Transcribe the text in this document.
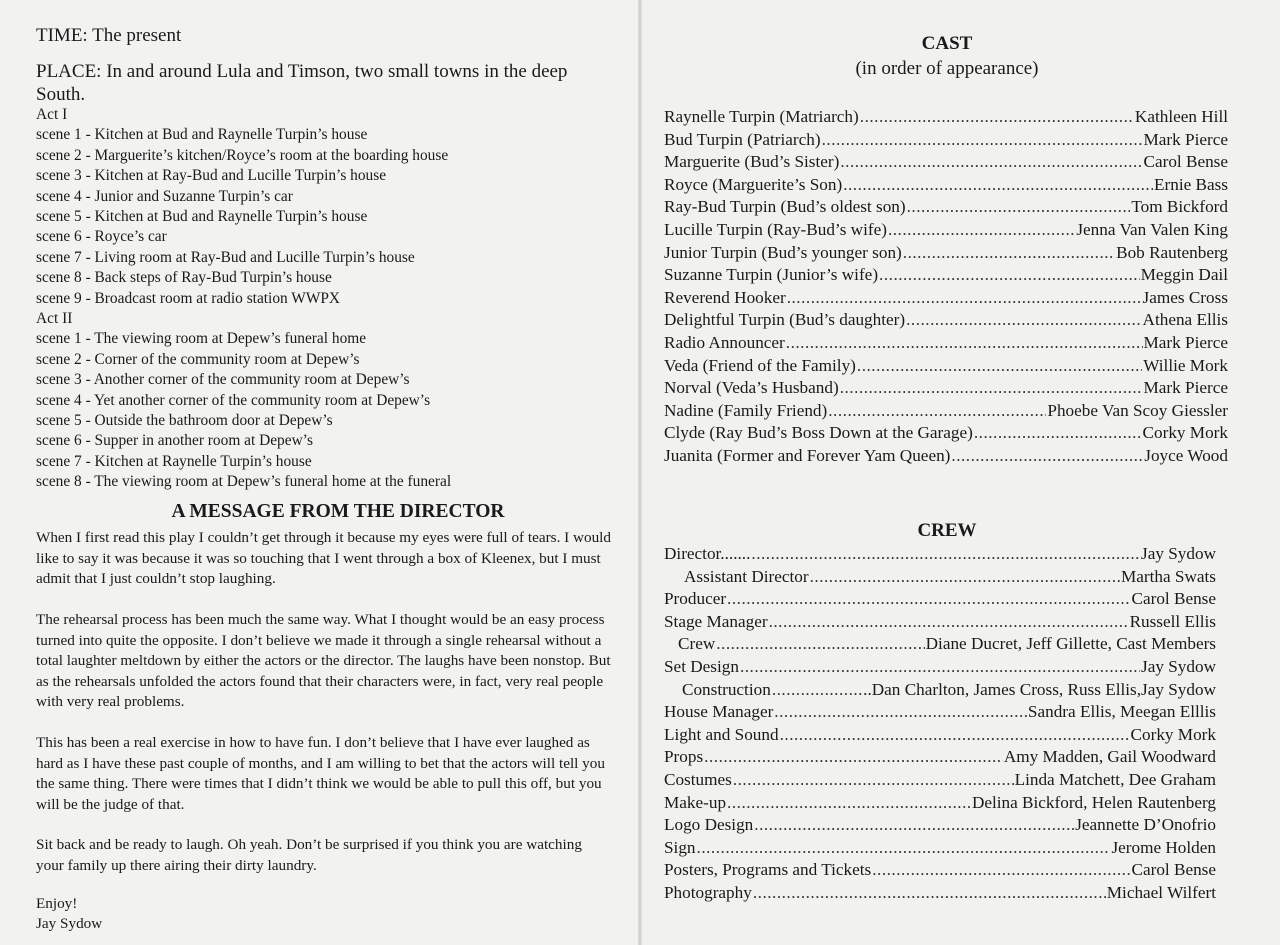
TIME: The present
PLACE: In and around Lula and Timson, two small towns in the deep South.
Act I
scene 1 - Kitchen at Bud and Raynelle Turpin’s house
scene 2 - Marguerite’s kitchen/Royce’s room at the boarding house
scene 3 - Kitchen at Ray-Bud and Lucille Turpin’s house
scene 4 - Junior and Suzanne Turpin’s car
scene 5 - Kitchen at Bud and Raynelle Turpin’s house
scene 6 - Royce’s car
scene 7 - Living room at Ray-Bud and Lucille Turpin’s house
scene 8 - Back steps of Ray-Bud Turpin’s house
scene 9 - Broadcast room at radio station WWPX
Act II
scene 1 - The viewing room at Depew’s funeral home
scene 2 - Corner of the community room at Depew’s
scene 3 - Another corner of the community room at Depew’s
scene 4 - Yet another corner of the community room at Depew’s
scene 5 - Outside the bathroom door at Depew’s
scene 6 - Supper in another room at Depew’s
scene 7 - Kitchen at Raynelle Turpin’s house
scene 8 - The viewing room at Depew’s funeral home at the funeral
A MESSAGE FROM THE DIRECTOR
When I first read this play I couldn’t get through it because my eyes were full of tears. I would like to say it was because it was so touching that I went through a box of Kleenex, but I must admit that I just couldn’t stop laughing.
The rehearsal process has been much the same way. What I thought would be an easy process turned into quite the opposite. I don’t believe we made it through a single rehearsal without a total laughter meltdown by either the actors or the director. The laughs have been nonstop. But as the rehearsals unfolded the actors found that their characters were, in fact, very real people with very real problems.
This has been a real exercise in how to have fun. I don’t believe that I have ever laughed as hard as I have these past couple of months, and I am willing to bet that the actors will tell you the same thing. There were times that I didn’t think we would be able to pull this off, but you will be the judge of that.
Sit back and be ready to laugh. Oh yeah. Don’t be surprised if you think you are watching your family up there airing their dirty laundry.
Enjoy!
Jay Sydow
CAST
(in order of appearance)
Raynelle Turpin (Matriarch) .....	Kathleen Hill
Bud Turpin (Patriarch) .....	Mark Pierce
Marguerite (Bud’s Sister) .....	Carol Bense
Royce (Marguerite’s Son) .....	Ernie Bass
Ray-Bud Turpin (Bud’s oldest son) .....	Tom Bickford
Lucille Turpin (Ray-Bud’s wife) .....	Jenna Van Valen King
Junior Turpin (Bud’s younger son) .....	Bob Rautenberg
Suzanne Turpin (Junior’s wife) .....	Meggin Dail
Reverend Hooker .....	James Cross
Delightful Turpin (Bud’s daughter) .....	Athena Ellis
Radio Announcer .....	Mark Pierce
Veda (Friend of the Family) .....	Willie Mork
Norval (Veda’s Husband) .....	Mark Pierce
Nadine (Family Friend) .....	Phoebe Van Scoy Giessler
Clyde (Ray Bud’s Boss Down at the Garage) .....	Corky Mork
Juanita (Former and Forever Yam Queen) .....	Joyce Wood
CREW
Director....... .....	Jay Sydow
Assistant Director .....	Martha Swats
Producer .....	Carol Bense
Stage Manager .....	Russell Ellis
Crew .....	Diane Ducret, Jeff Gillette, Cast Members
Set Design .....	Jay Sydow
Construction .....	..Dan Charlton, James Cross, Russ Ellis,Jay Sydow
House Manager .....	Sandra Ellis, Meegan Elllis
Light and Sound .....	Corky Mork
Props .....	Amy Madden, Gail Woodward
Costumes .....	Linda Matchett, Dee Graham
Make-up .....	Delina Bickford, Helen Rautenberg
Logo Design .....	Jeannette D’Onofrio
Sign .....	Jerome Holden
Posters, Programs and Tickets .....	Carol Bense
Photography .....	Michael Wilfert
